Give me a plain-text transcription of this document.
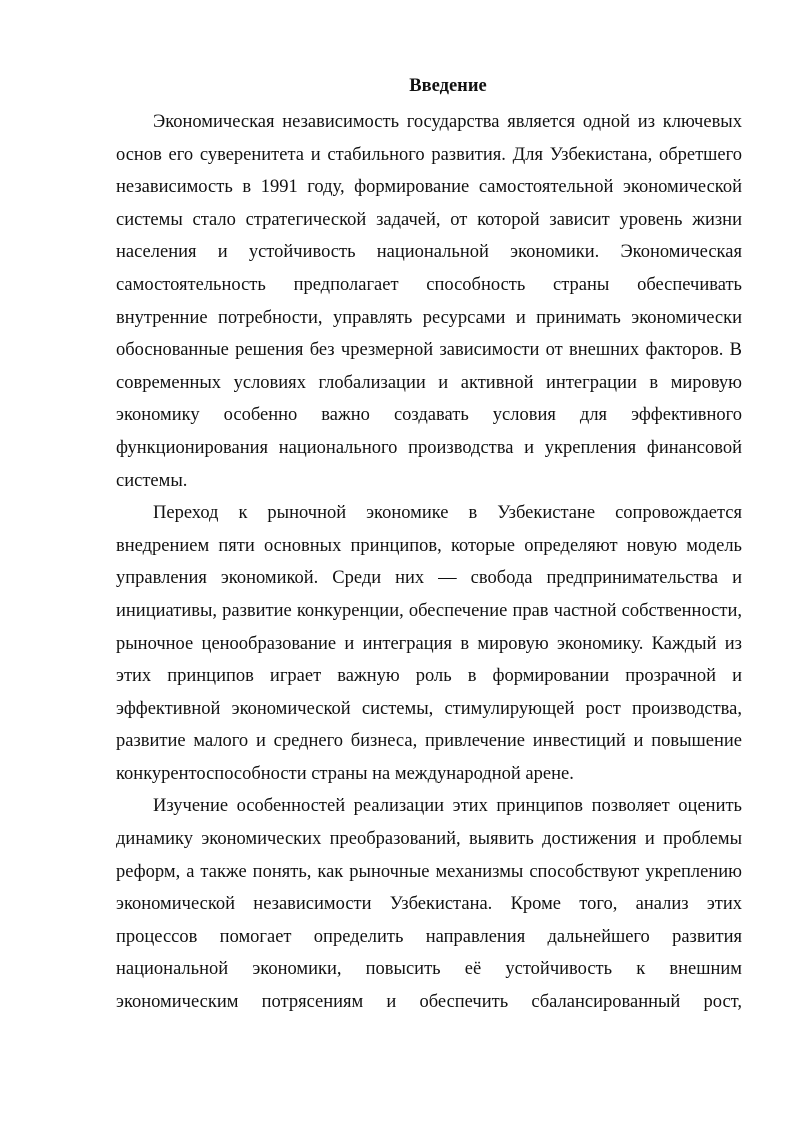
Введение

Экономическая независимость государства является одной из ключевых основ его суверенитета и стабильного развития. Для Узбекистана, обретшего независимость в 1991 году, формирование самостоятельной экономической системы стало стратегической задачей, от которой зависит уровень жизни населения и устойчивость национальной экономики. Экономическая самостоятельность предполагает способность страны обеспечивать внутренние потребности, управлять ресурсами и принимать экономически обоснованные решения без чрезмерной зависимости от внешних факторов. В современных условиях глобализации и активной интеграции в мировую экономику особенно важно создавать условия для эффективного функционирования национального производства и укрепления финансовой системы.

Переход к рыночной экономике в Узбекистане сопровождается внедрением пяти основных принципов, которые определяют новую модель управления экономикой. Среди них — свобода предпринимательства и инициативы, развитие конкуренции, обеспечение прав частной собственности, рыночное ценообразование и интеграция в мировую экономику. Каждый из этих принципов играет важную роль в формировании прозрачной и эффективной экономической системы, стимулирующей рост производства, развитие малого и среднего бизнеса, привлечение инвестиций и повышение конкурентоспособности страны на международной арене.

Изучение особенностей реализации этих принципов позволяет оценить динамику экономических преобразований, выявить достижения и проблемы реформ, а также понять, как рыночные механизмы способствуют укреплению экономической независимости Узбекистана. Кроме того, анализ этих процессов помогает определить направления дальнейшего развития национальной экономики, повысить её устойчивость к внешним экономическим потрясениям и обеспечить сбалансированный рост,
